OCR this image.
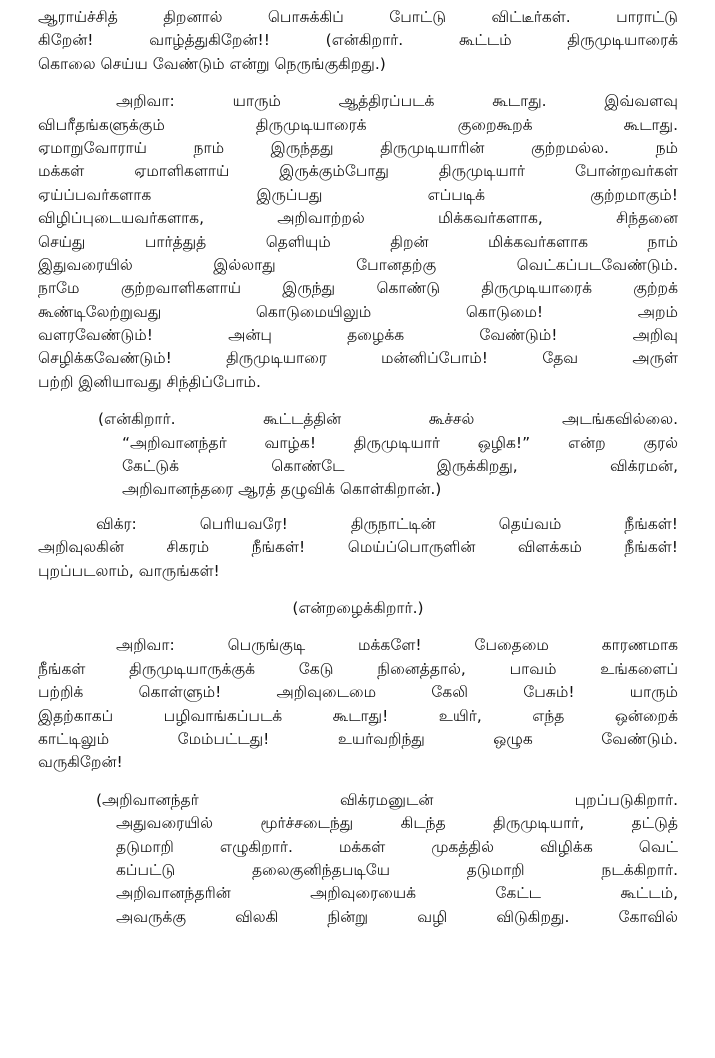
ஆராய்ச்சித் திறனால் பொசுக்கிப் போட்டு விட்டீர்கள். பாராட்டு
கிறேன்! வாழ்த்துகிறேன்!! (என்கிறார். கூட்டம் திருமுடியாரைக்
கொலை செய்ய வேண்டும் என்று நெருங்குகிறது.)
அறிவா: யாரும் ஆத்திரப்படக் கூடாது. இவ்வளவு
விபரீதங்களுக்கும் திருமுடியாரைக் குறைகூறக் கூடாது.
ஏமாறுவோராய் நாம் இருந்தது திருமுடியாரின் குற்றமல்ல. நம்
மக்கள் ஏமாளிகளாய் இருக்கும்போது திருமுடியார் போன்றவர்கள்
ஏய்ப்பவர்களாக இருப்பது எப்படிக் குற்றமாகும்!
விழிப்புடையவர்களாக, அறிவாற்றல் மிக்கவர்களாக, சிந்தனை
செய்து பார்த்துத் தெளியும் திறன் மிக்கவர்களாக நாம்
இதுவரையில் இல்லாது போனதற்கு வெட்கப்படவேண்டும்.
நாமே குற்றவாளிகளாய் இருந்து கொண்டு திருமுடியாரைக் குற்றக்
கூண்டிலேற்றுவது கொடுமையிலும் கொடுமை! அறம்
வளரவேண்டும்! அன்பு தழைக்க வேண்டும்! அறிவு
செழிக்கவேண்டும்! திருமுடியாரை மன்னிப்போம்! தேவ அருள்
பற்றி இனியாவது சிந்திப்போம்.
(என்கிறார். கூட்டத்தின் கூச்சல் அடங்கவில்லை.
“அறிவானந்தர் வாழ்க! திருமுடியார் ஒழிக!” என்ற குரல்
கேட்டுக் கொண்டே இருக்கிறது, விக்ரமன்,
அறிவானந்தரை ஆரத் தழுவிக் கொள்கிறான்.)
விக்ர: பெரியவரே! திருநாட்டின் தெய்வம் நீங்கள்!
அறிவுலகின் சிகரம் நீங்கள்! மெய்ப்பொருளின் விளக்கம் நீங்கள்!
புறப்படலாம், வாருங்கள்!
(என்றழைக்கிறார்.)
அறிவா: பெருங்குடி மக்களே! பேதைமை காரணமாக
நீங்கள் திருமுடியாருக்குக் கேடு நினைத்தால், பாவம் உங்களைப்
பற்றிக் கொள்ளும்! அறிவுடைமை கேலி பேசும்! யாரும்
இதற்காகப் பழிவாங்கப்படக் கூடாது! உயிர், எந்த ஒன்றைக்
காட்டிலும் மேம்பட்டது! உயர்வறிந்து ஒழுக வேண்டும்.
வருகிறேன்!
(அறிவானந்தர் விக்ரமனுடன் புறப்படுகிறார்.
அதுவரையில் மூர்ச்சடைந்து கிடந்த திருமுடியார், தட்டுத்
தடுமாறி எழுகிறார். மக்கள் முகத்தில் விழிக்க வெட்
கப்பட்டு தலைகுனிந்தபடியே தடுமாறி நடக்கிறார்.
அறிவானந்தரின் அறிவுரையைக் கேட்ட கூட்டம்,
அவருக்கு விலகி நின்று வழி விடுகிறது. கோவில்
